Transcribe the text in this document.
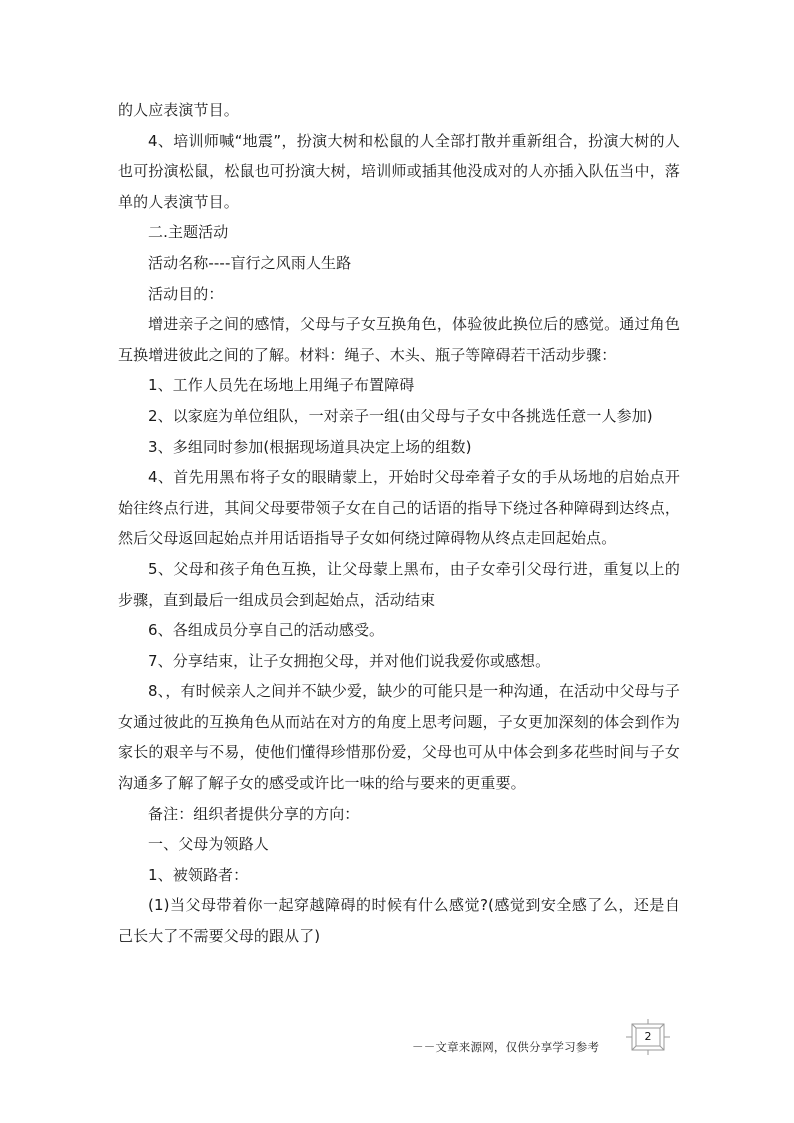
的人应表演节目。

4、培训师喊“地震”，扮演大树和松鼠的人全部打散并重新组合，扮演大树的人也可扮演松鼠，松鼠也可扮演大树，培训师或插其他没成对的人亦插入队伍当中，落单的人表演节目。

二.主题活动

活动名称----盲行之风雨人生路

活动目的：

增进亲子之间的感情，父母与子女互换角色，体验彼此换位后的感觉。通过角色互换增进彼此之间的了解。材料：绳子、木头、瓶子等障碍若干活动步骤：

1、工作人员先在场地上用绳子布置障碍

2、以家庭为单位组队，一对亲子一组(由父母与子女中各挑选任意一人参加)

3、多组同时参加(根据现场道具决定上场的组数)

4、首先用黑布将子女的眼睛蒙上，开始时父母牵着子女的手从场地的启始点开始往终点行进，其间父母要带领子女在自己的话语的指导下绕过各种障碍到达终点，然后父母返回起始点并用话语指导子女如何绕过障碍物从终点走回起始点。

5、父母和孩子角色互换，让父母蒙上黑布，由子女牵引父母行进，重复以上的步骤，直到最后一组成员会到起始点，活动结束

6、各组成员分享自己的活动感受。

7、分享结束，让子女拥抱父母，并对他们说我爱你或感想。

8、，有时候亲人之间并不缺少爱，缺少的可能只是一种沟通，在活动中父母与子女通过彼此的互换角色从而站在对方的角度上思考问题，子女更加深刻的体会到作为家长的艰辛与不易，使他们懂得珍惜那份爱，父母也可从中体会到多花些时间与子女沟通多了解了解子女的感受或许比一味的给与要来的更重要。

备注：组织者提供分享的方向：

一、父母为领路人

1、被领路者：

(1)当父母带着你一起穿越障碍的时候有什么感觉?(感觉到安全感了么，还是自己长大了不需要父母的跟从了)

－－文章来源网，仅供分享学习参考
2
